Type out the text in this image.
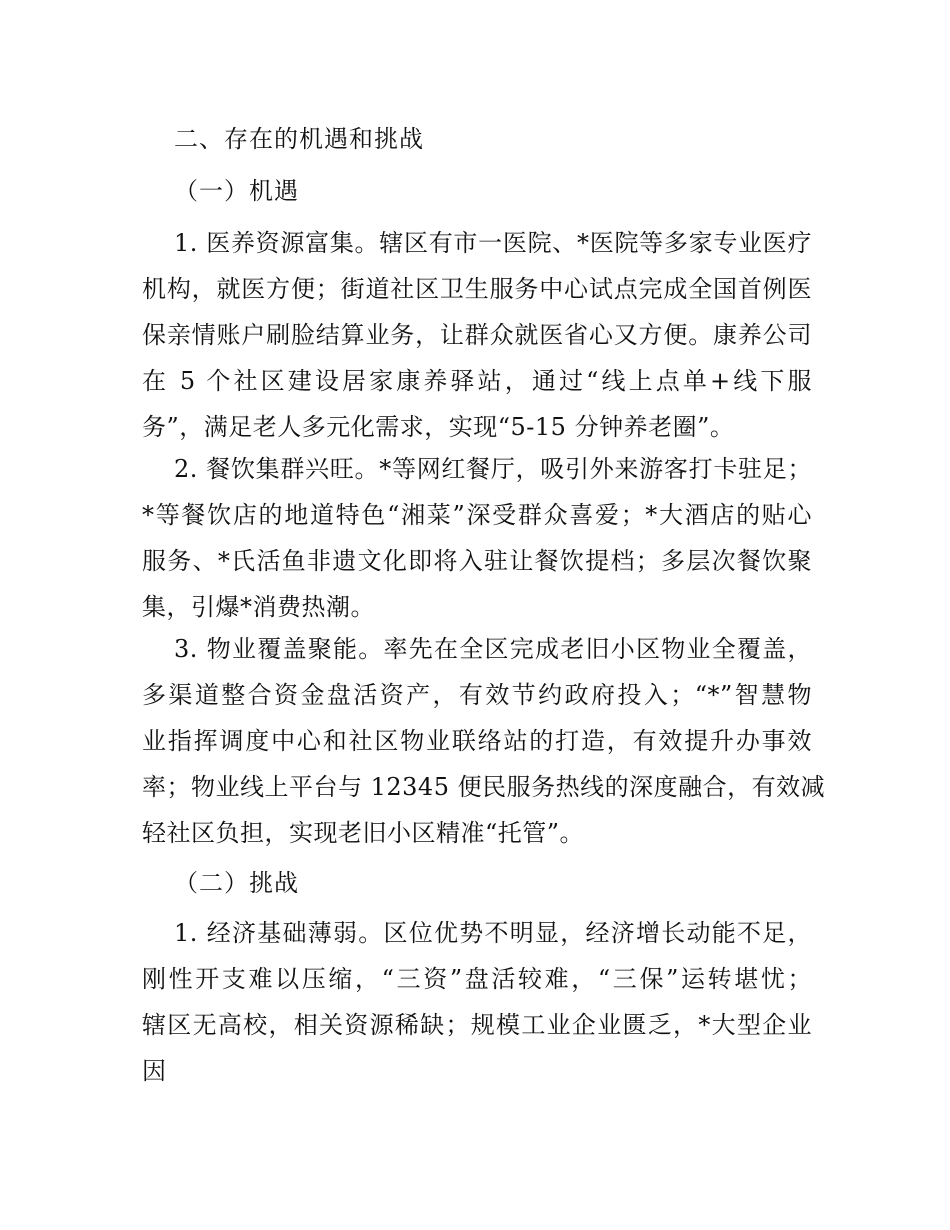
二、存在的机遇和挑战
（一）机遇
1. 医养资源富集。辖区有市一医院、*医院等多家专业医疗
机构，就医方便；街道社区卫生服务中心试点完成全国首例医
保亲情账户刷脸结算业务，让群众就医省心又方便。康养公司
在 5 个社区建设居家康养驿站，通过“线上点单+线下服
务”，满足老人多元化需求，实现“5-15 分钟养老圈”。
2. 餐饮集群兴旺。*等网红餐厅，吸引外来游客打卡驻足；
*等餐饮店的地道特色“湘菜”深受群众喜爱；*大酒店的贴心
服务、*氏活鱼非遗文化即将入驻让餐饮提档；多层次餐饮聚
集，引爆*消费热潮。
3. 物业覆盖聚能。率先在全区完成老旧小区物业全覆盖，
多渠道整合资金盘活资产，有效节约政府投入；“*”智慧物
业指挥调度中心和社区物业联络站的打造，有效提升办事效
率；物业线上平台与 12345 便民服务热线的深度融合，有效减
轻社区负担，实现老旧小区精准“托管”。
（二）挑战
1. 经济基础薄弱。区位优势不明显，经济增长动能不足，
刚性开支难以压缩，“三资”盘活较难，“三保”运转堪忧；
辖区无高校，相关资源稀缺；规模工业企业匮乏，*大型企业
因
